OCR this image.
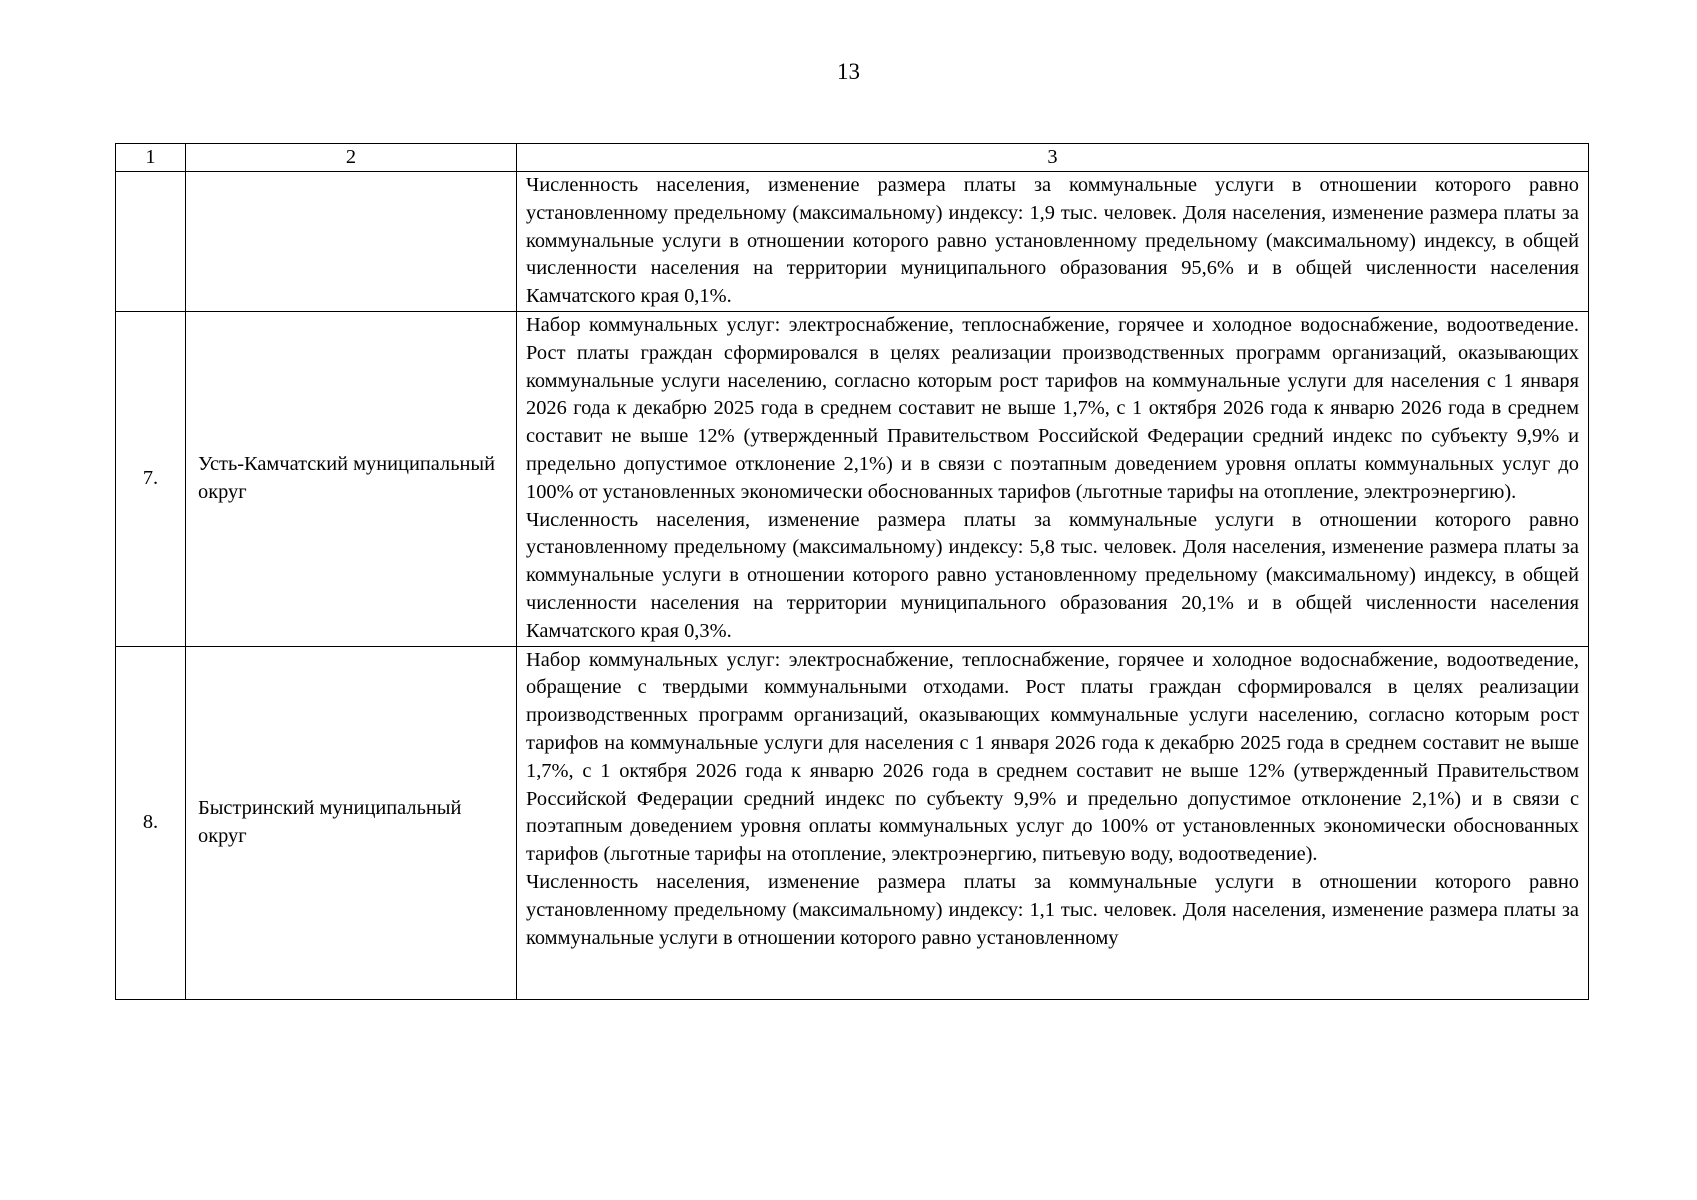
13
1	2	3

		Численность населения, изменение размера платы за коммунальные услуги в отношении которого равно установленному предельному (максимальному) индексу: 1,9 тыс. человек. Доля населения, изменение размера платы за коммунальные услуги в отношении которого равно установленному предельному (максимальному) индексу, в общей численности населения на территории муниципального образования 95,6% и в общей численности населения Камчатского края 0,1%.

7.	Усть-Камчатский муниципальный округ	Набор коммунальных услуг: электроснабжение, теплоснабжение, горячее и холодное водоснабжение, водоотведение. Рост платы граждан сформировался в целях реализации производственных программ организаций, оказывающих коммунальные услуги населению, согласно которым рост тарифов на коммунальные услуги для населения с 1 января 2026 года к декабрю 2025 года в среднем составит не выше 1,7%, с 1 октября 2026 года к январю 2026 года в среднем составит не выше 12% (утвержденный Правительством Российской Федерации средний индекс по субъекту 9,9% и предельно допустимое отклонение 2,1%) и в связи с поэтапным доведением уровня оплаты коммунальных услуг до 100% от установленных экономически обоснованных тарифов (льготные тарифы на отопление, электроэнергию).
Численность населения, изменение размера платы за коммунальные услуги в отношении которого равно установленному предельному (максимальному) индексу: 5,8 тыс. человек. Доля населения, изменение размера платы за коммунальные услуги в отношении которого равно установленному предельному (максимальному) индексу, в общей численности населения на территории муниципального образования 20,1% и в общей численности населения Камчатского края 0,3%.

8.	Быстринский муниципальный округ	Набор коммунальных услуг: электроснабжение, теплоснабжение, горячее и холодное водоснабжение, водоотведение, обращение с твердыми коммунальными отходами. Рост платы граждан сформировался в целях реализации производственных программ организаций, оказывающих коммунальные услуги населению, согласно которым рост тарифов на коммунальные услуги для населения с 1 января 2026 года к декабрю 2025 года в среднем составит не выше 1,7%, с 1 октября 2026 года к январю 2026 года в среднем составит не выше 12% (утвержденный Правительством Российской Федерации средний индекс по субъекту 9,9% и предельно допустимое отклонение 2,1%) и в связи с поэтапным доведением уровня оплаты коммунальных услуг до 100% от установленных экономически обоснованных тарифов (льготные тарифы на отопление, электроэнергию, питьевую воду, водоотведение).
Численность населения, изменение размера платы за коммунальные услуги в отношении которого равно установленному предельному (максимальному) индексу: 1,1 тыс. человек. Доля населения, изменение размера платы за коммунальные услуги в отношении которого равно установленному
